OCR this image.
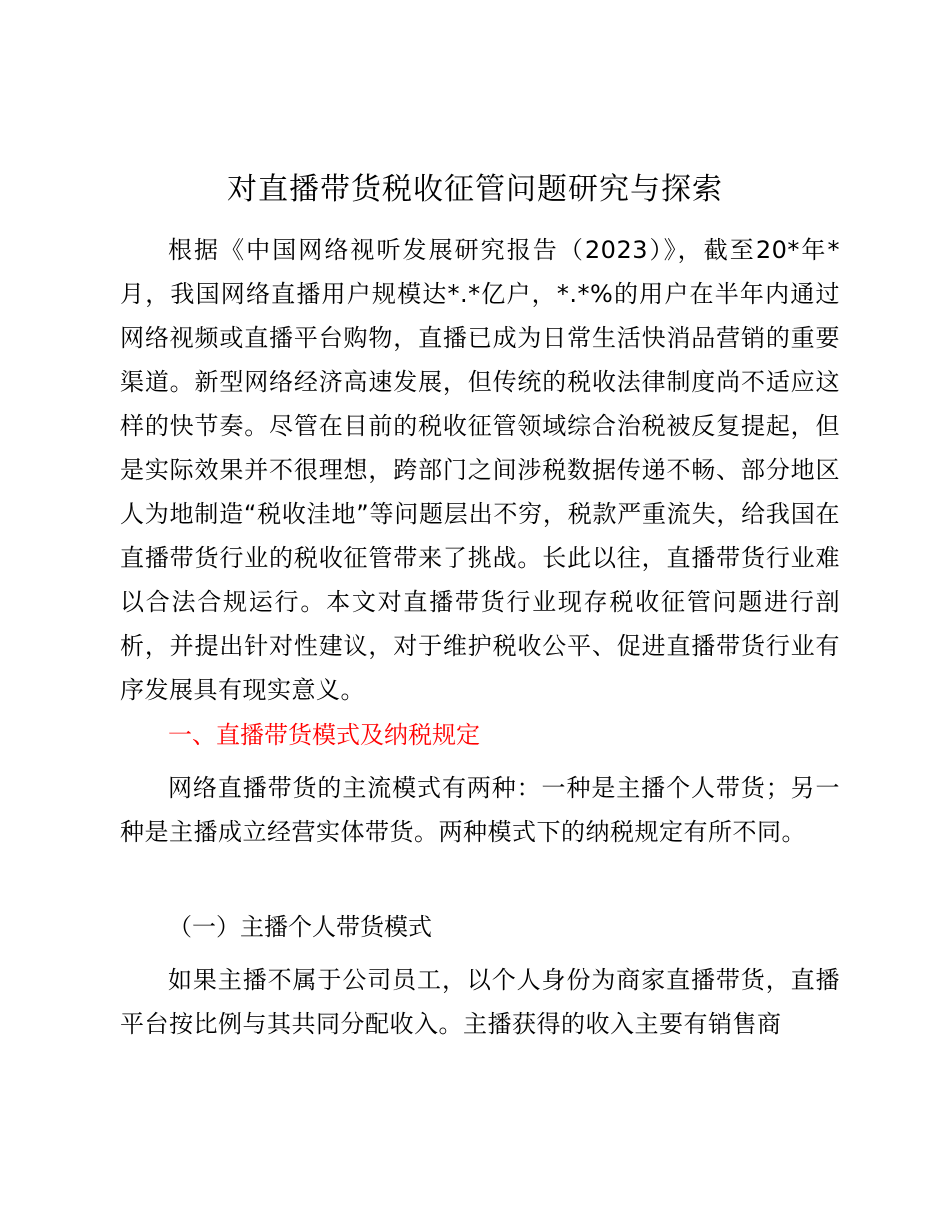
对直播带货税收征管问题研究与探索

根据《中国网络视听发展研究报告（2023）》，截至20*年*月，我国网络直播用户规模达*.*亿户，*.*%的用户在半年内通过网络视频或直播平台购物，直播已成为日常生活快消品营销的重要渠道。新型网络经济高速发展，但传统的税收法律制度尚不适应这样的快节奏。尽管在目前的税收征管领域综合治税被反复提起，但是实际效果并不很理想，跨部门之间涉税数据传递不畅、部分地区人为地制造“税收洼地”等问题层出不穷，税款严重流失，给我国在直播带货行业的税收征管带来了挑战。长此以往，直播带货行业难以合法合规运行。本文对直播带货行业现存税收征管问题进行剖析，并提出针对性建议，对于维护税收公平、促进直播带货行业有序发展具有现实意义。

一、直播带货模式及纳税规定

网络直播带货的主流模式有两种：一种是主播个人带货；另一种是主播成立经营实体带货。两种模式下的纳税规定有所不同。

（一）主播个人带货模式

如果主播不属于公司员工，以个人身份为商家直播带货，直播平台按比例与其共同分配收入。主播获得的收入主要有销售商
